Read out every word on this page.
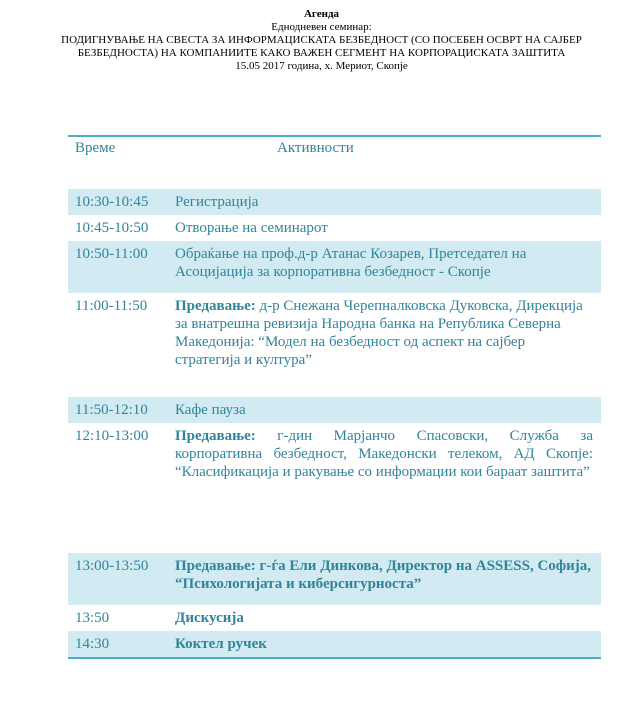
Агенда
Еднодневен семинар:
ПОДИГНУВАЊЕ НА СВЕСТА ЗА ИНФОРМАЦИСКАТА БЕЗБЕДНОСТ (СО ПОСЕБЕН ОСВРТ НА САЈБЕР БЕЗБЕДНОСТА) НА КОМПАНИИТЕ КАКО ВАЖЕН СЕГМЕНТ НА КОРПОРАЦИСКАТА ЗАШТИТА
15.05 2017 година, х. Мериот, Скопје
Време	Активности
10:30-10:45	Регистрација
10:45-10:50	Отворање на семинарот
10:50-11:00	Обраќање на проф.д-р Атанас Козарев, Претседател на Асоцијација за корпоративна безбедност - Скопје
11:00-11:50	Предавање: д-р Снежана Черепналковска Дуковска, Дирекција за внатрешна ревизија Народна банка на Република Северна Македонија: “Модел на безбедност од аспект на сајбер стратегија и култура”
11:50-12:10	Кафе пауза
12:10-13:00	Предавање: г-дин Марјанчо Спасовски, Служба за корпоративна безбедност, Македонски телеком, АД Скопје: “Класификација и ракување со информации кои бараат заштита”
13:00-13:50	Предавање: г-ѓа Ели Динкова, Директор на ASSESS, Софија, “Психологијата и киберсигурноста”
13:50	Дискусија
14:30	Коктел ручек
